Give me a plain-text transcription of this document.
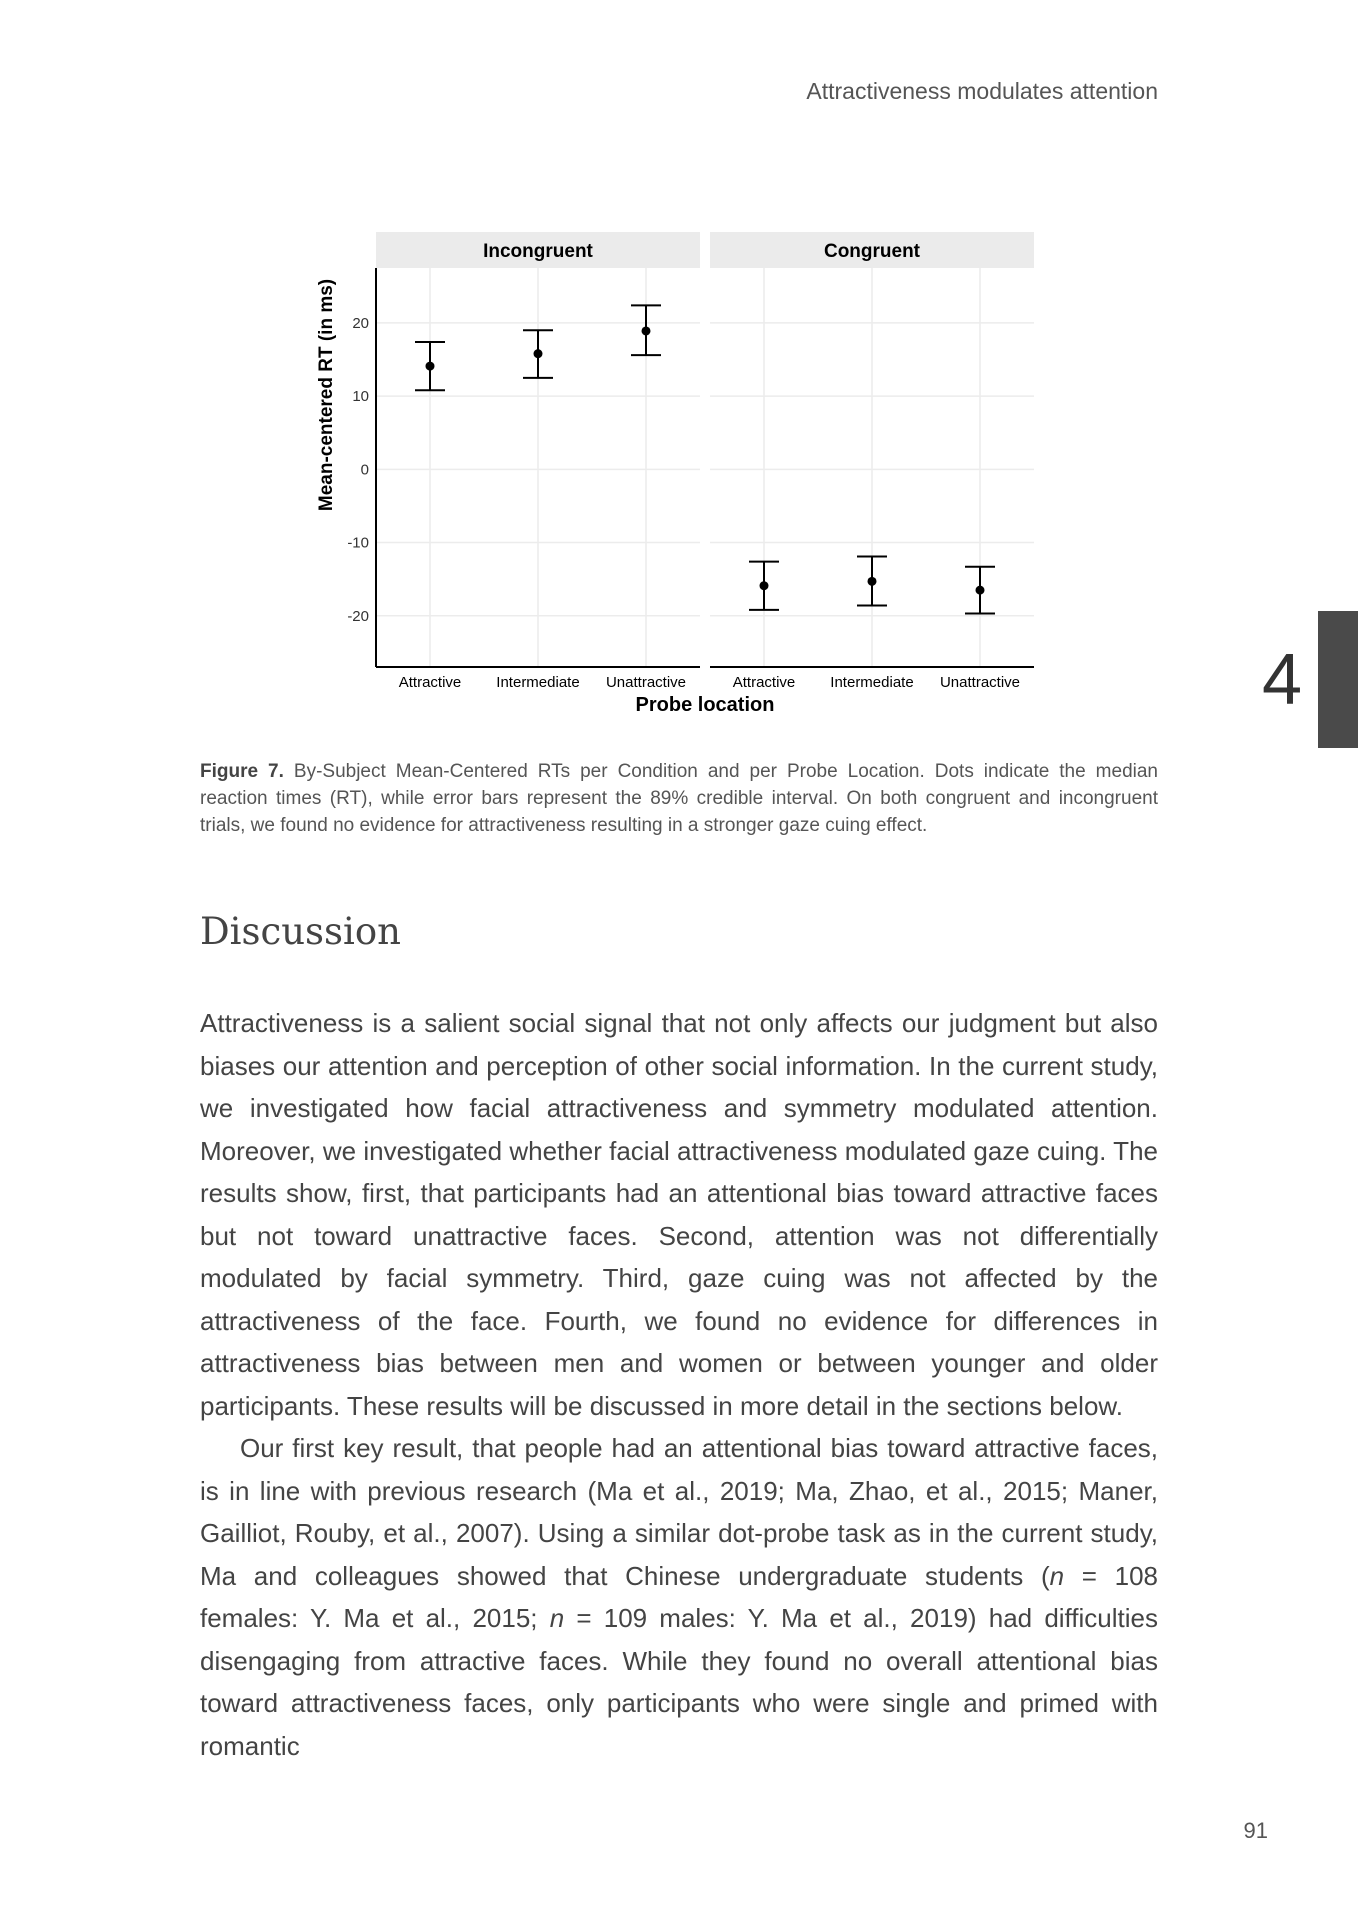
Attractiveness modulates attention
4
Mean-centered RT (in ms)
Probe location
Incongruent
20
10
0
-10
-20
Attractive Intermediate Unattractive
Congruent
Attractive Intermediate Unattractive
Figure 7. By-Subject Mean-Centered RTs per Condition and per Probe Location. Dots indicate the median reaction times (RT), while error bars represent the 89% credible interval. On both congruent and incongruent trials, we found no evidence for attractiveness resulting in a stronger gaze cuing effect.
Discussion

Attractiveness is a salient social signal that not only affects our judgment but also biases our attention and perception of other social information. In the current study, we investigated how facial attractiveness and symmetry modulated attention. Moreover, we investigated whether facial attractiveness modulated gaze cuing. The results show, first, that participants had an attentional bias toward attractive faces but not toward unattractive faces. Second, attention was not differentially modulated by facial symmetry. Third, gaze cuing was not affected by the attractiveness of the face. Fourth, we found no evidence for differences in attractiveness bias between men and women or between younger and older participants. These results will be discussed in more detail in the sections below.

Our first key result, that people had an attentional bias toward attractive faces, is in line with previous research (Ma et al., 2019; Ma, Zhao, et al., 2015; Maner, Gailliot, Rouby, et al., 2007). Using a similar dot-probe task as in the current study, Ma and colleagues showed that Chinese undergraduate students (n = 108 females: Y. Ma et al., 2015; n = 109 males: Y. Ma et al., 2019) had difficulties disengaging from attractive faces. While they found no overall attentional bias toward attractiveness faces, only participants who were single and primed with romantic

91
